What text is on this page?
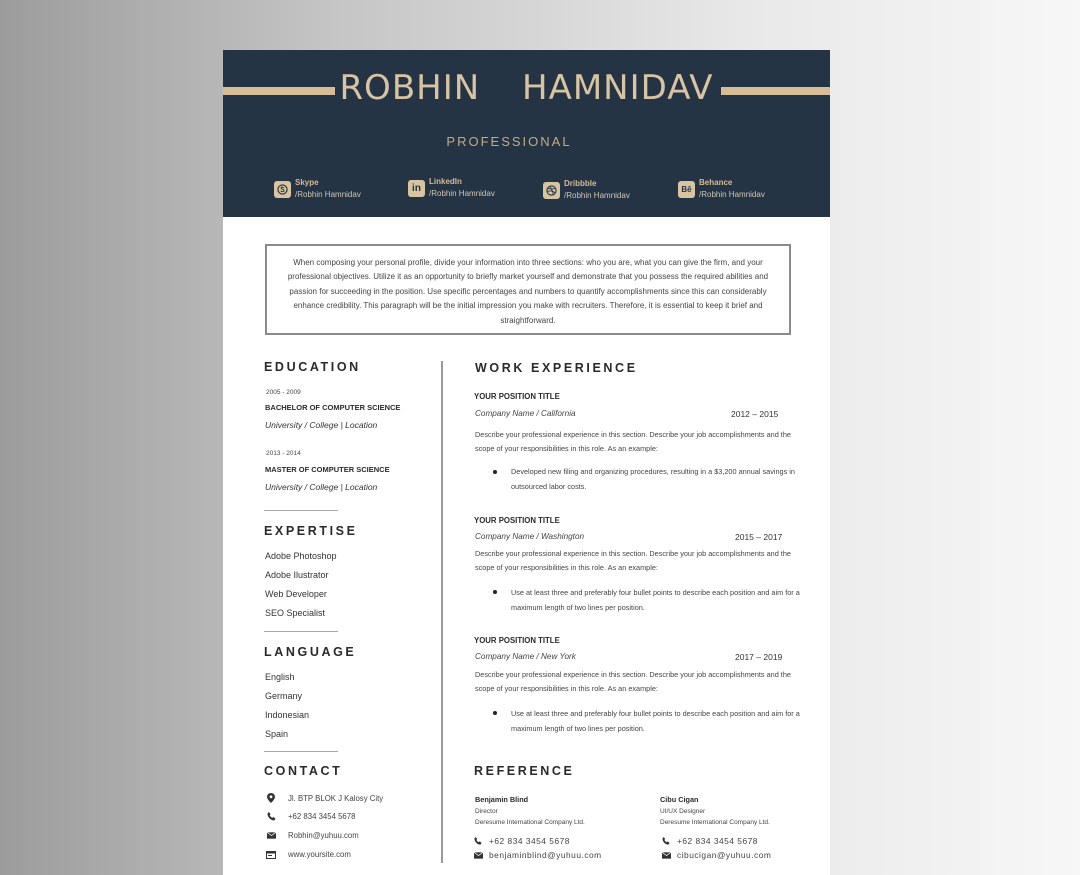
ROBHIN HAMNIDAV
PROFESSIONAL
Skype
/Robhin Hamnidav
in
LinkedIn
/Robhin Hamnidav
Dribbble
/Robhin Hamnidav
Bē
Behance
/Robhin Hamnidav
When composing your personal profile, divide your information into three sections: who you are, what you can give the firm, and your professional objectives. Utilize it as an opportunity to briefly market yourself and demonstrate that you possess the required abilities and passion for succeeding in the position. Use specific percentages and numbers to quantify accomplishments since this can considerably enhance credibility. This paragraph will be the initial impression you make with recruiters. Therefore, it is essential to keep it brief and straightforward.
EDUCATION
2005 - 2009
BACHELOR OF COMPUTER SCIENCE
University / College | Location
2013 - 2014
MASTER OF COMPUTER SCIENCE
University / College | Location
EXPERTISE
Adobe Photoshop
Adobe Ilustrator
Web Developer
SEO Specialist
LANGUAGE
English
Germany
Indonesian
Spain
CONTACT
Jl. BTP BLOK J Kalosy City
+62 834 3454 5678
Robhin@yuhuu.com
www.yoursite.com
WORK EXPERIENCE
YOUR POSITION TITLE
Company Name / California	2012 – 2015
Describe your professional experience in this section. Describe your job accomplishments and the scope of your responsibilities in this role. As an example:
Developed new filing and organizing procedures, resulting in a $3,200 annual savings in outsourced labor costs.
YOUR POSITION TITLE
Company Name / Washington	2015 – 2017
Describe your professional experience in this section. Describe your job accomplishments and the scope of your responsibilities in this role. As an example:
Use at least three and preferably four bullet points to describe each position and aim for a maximum length of two lines per position.
YOUR POSITION TITLE
Company Name / New York	2017 – 2019
Describe your professional experience in this section. Describe your job accomplishments and the scope of your responsibilities in this role. As an example:
Use at least three and preferably four bullet points to describe each position and aim for a maximum length of two lines per position.
REFERENCE
Benjamin Blind
Director
Deresume International Company Ltd.
+62 834 3454 5678
benjaminblind@yuhuu.com
Cibu Cigan
UI/UX Designer
Deresume International Company Ltd.
+62 834 3454 5678
cibucigan@yuhuu.com
